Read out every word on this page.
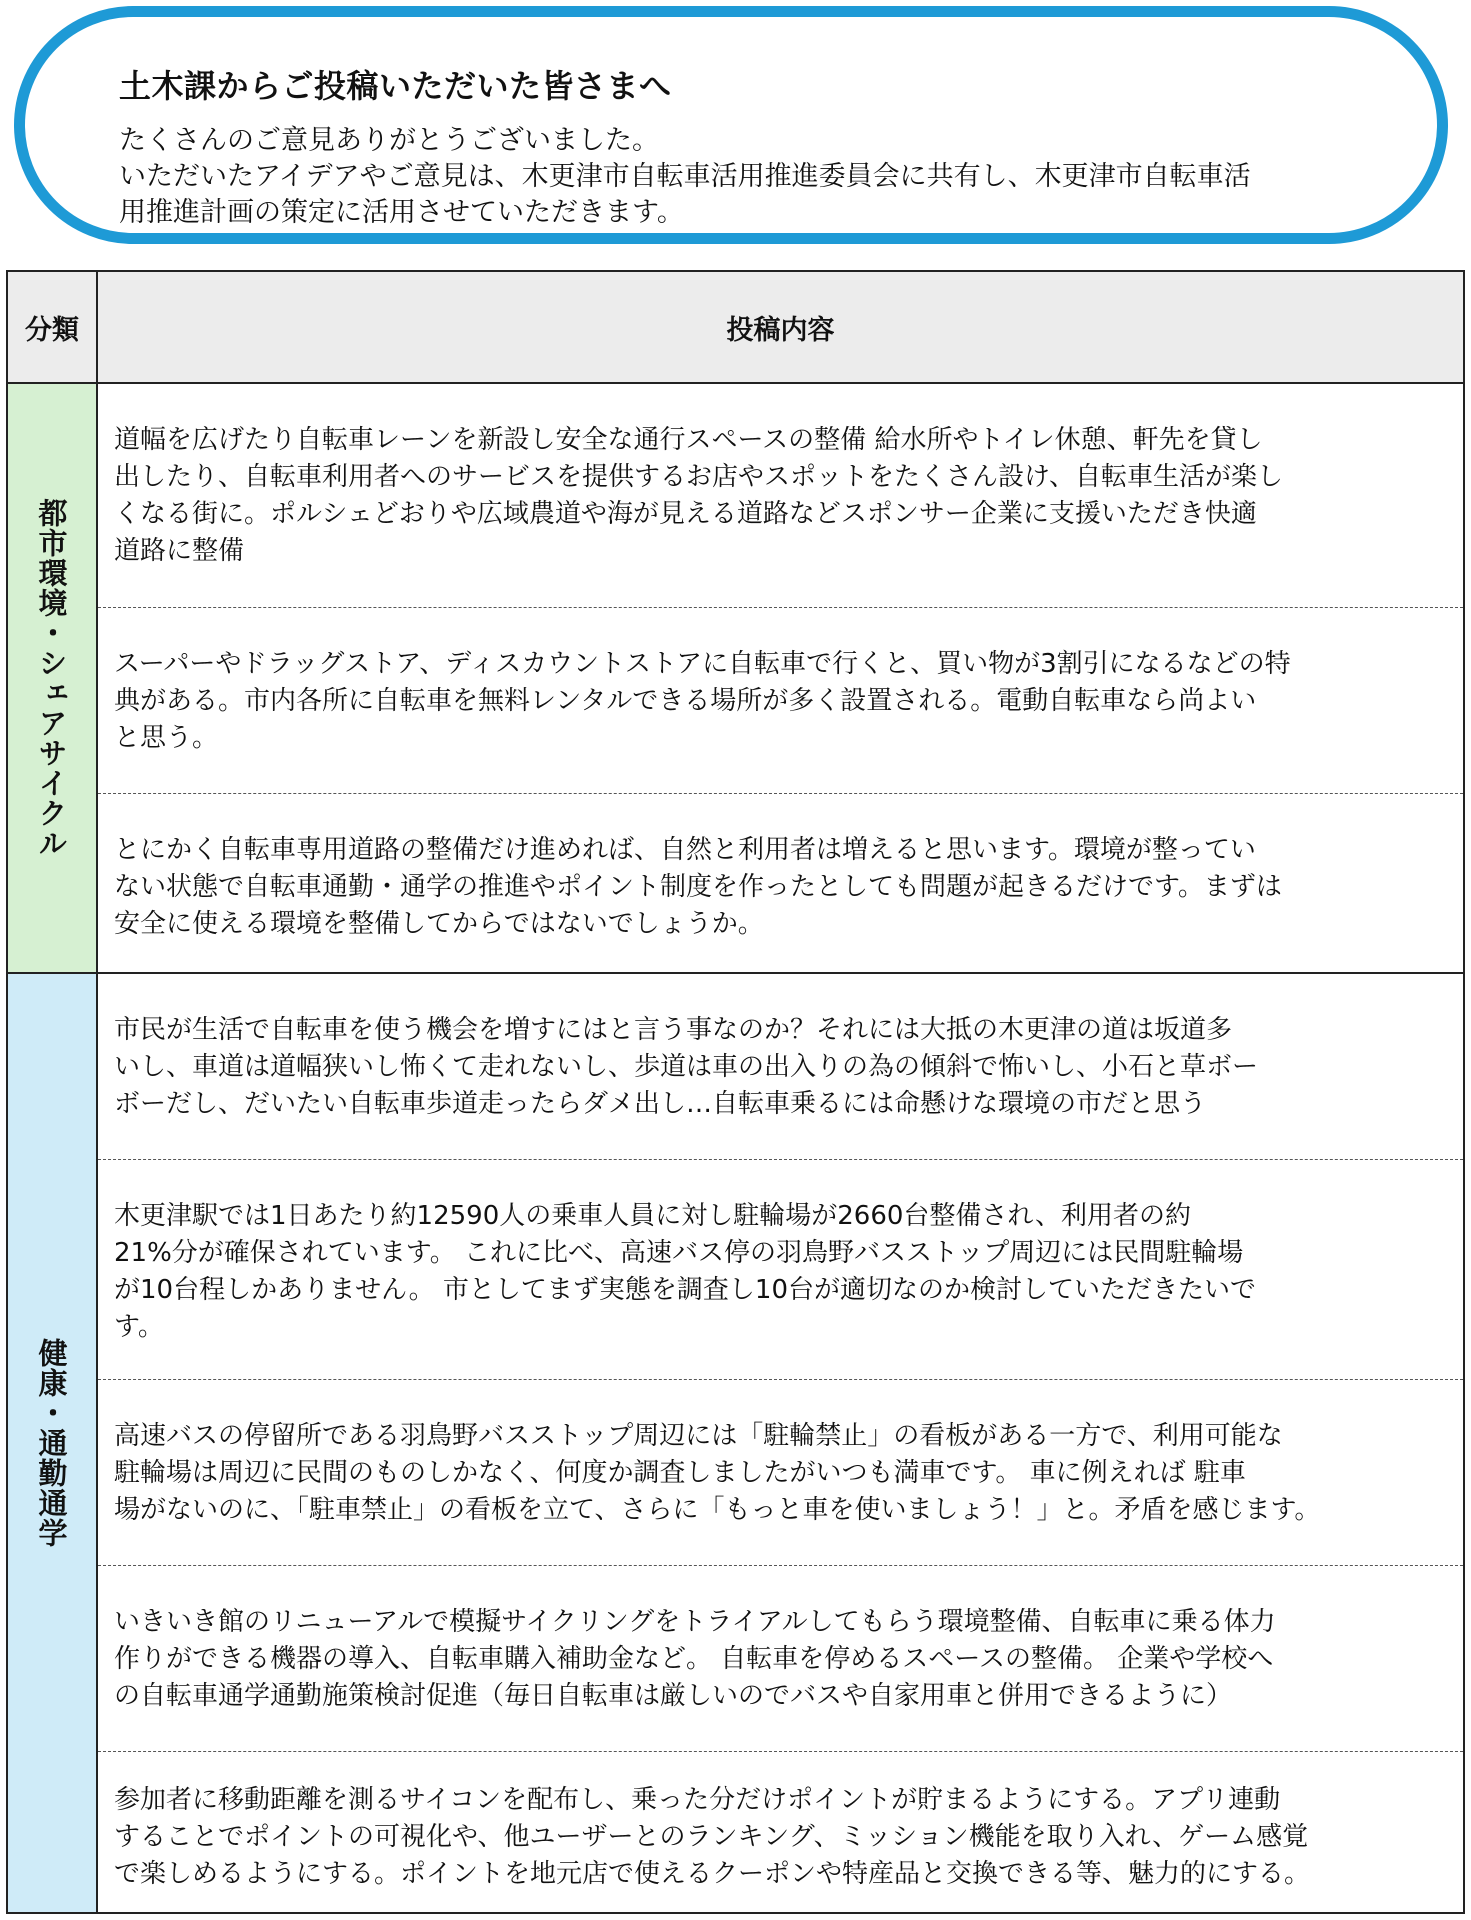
土木課からご投稿いただいた皆さまへ
たくさんのご意見ありがとうございました。
いただいたアイデアやご意見は、木更津市自転車活用推進委員会に共有し、木更津市自転車活
用推進計画の策定に活用させていただきます。
分類	投稿内容
都市環境・シェアサイクル
健康・通勤通学
道幅を広げたり自転車レーンを新設し安全な通行スペースの整備 給水所やトイレ休憩、軒先を貸し
出したり、自転車利用者へのサービスを提供するお店やスポットをたくさん設け、自転車生活が楽し
くなる街に。ポルシェどおりや広域農道や海が見える道路などスポンサー企業に支援いただき快適
道路に整備
スーパーやドラッグストア、ディスカウントストアに自転車で行くと、買い物が3割引になるなどの特
典がある。市内各所に自転車を無料レンタルできる場所が多く設置される。電動自転車なら尚よい
と思う。
とにかく自転車専用道路の整備だけ進めれば、自然と利用者は増えると思います。環境が整ってい
ない状態で自転車通勤・通学の推進やポイント制度を作ったとしても問題が起きるだけです。まずは
安全に使える環境を整備してからではないでしょうか。
市民が生活で自転車を使う機会を増すにはと言う事なのか？それには大抵の木更津の道は坂道多
いし、車道は道幅狭いし怖くて走れないし、歩道は車の出入りの為の傾斜で怖いし、小石と草ボー
ボーだし、だいたい自転車歩道走ったらダメ出し…自転車乗るには命懸けな環境の市だと思う
木更津駅では1日あたり約12590人の乗車人員に対し駐輪場が2660台整備され、利用者の約
21%分が確保されています。 これに比べ、高速バス停の羽鳥野バスストップ周辺には民間駐輪場
が10台程しかありません。 市としてまず実態を調査し10台が適切なのか検討していただきたいで
す。
高速バスの停留所である羽鳥野バスストップ周辺には「駐輪禁止」の看板がある一方で、利用可能な
駐輪場は周辺に民間のものしかなく、何度か調査しましたがいつも満車です。 車に例えれば 駐車
場がないのに、「駐車禁止」の看板を立て、さらに「もっと車を使いましょう！」と。矛盾を感じます。
いきいき館のリニューアルで模擬サイクリングをトライアルしてもらう環境整備、自転車に乗る体力
作りができる機器の導入、自転車購入補助金など。 自転車を停めるスペースの整備。 企業や学校へ
の自転車通学通勤施策検討促進（毎日自転車は厳しいのでバスや自家用車と併用できるように）
参加者に移動距離を測るサイコンを配布し、乗った分だけポイントが貯まるようにする。アプリ連動
することでポイントの可視化や、他ユーザーとのランキング、ミッション機能を取り入れ、ゲーム感覚
で楽しめるようにする。ポイントを地元店で使えるクーポンや特産品と交換できる等、魅力的にする。
